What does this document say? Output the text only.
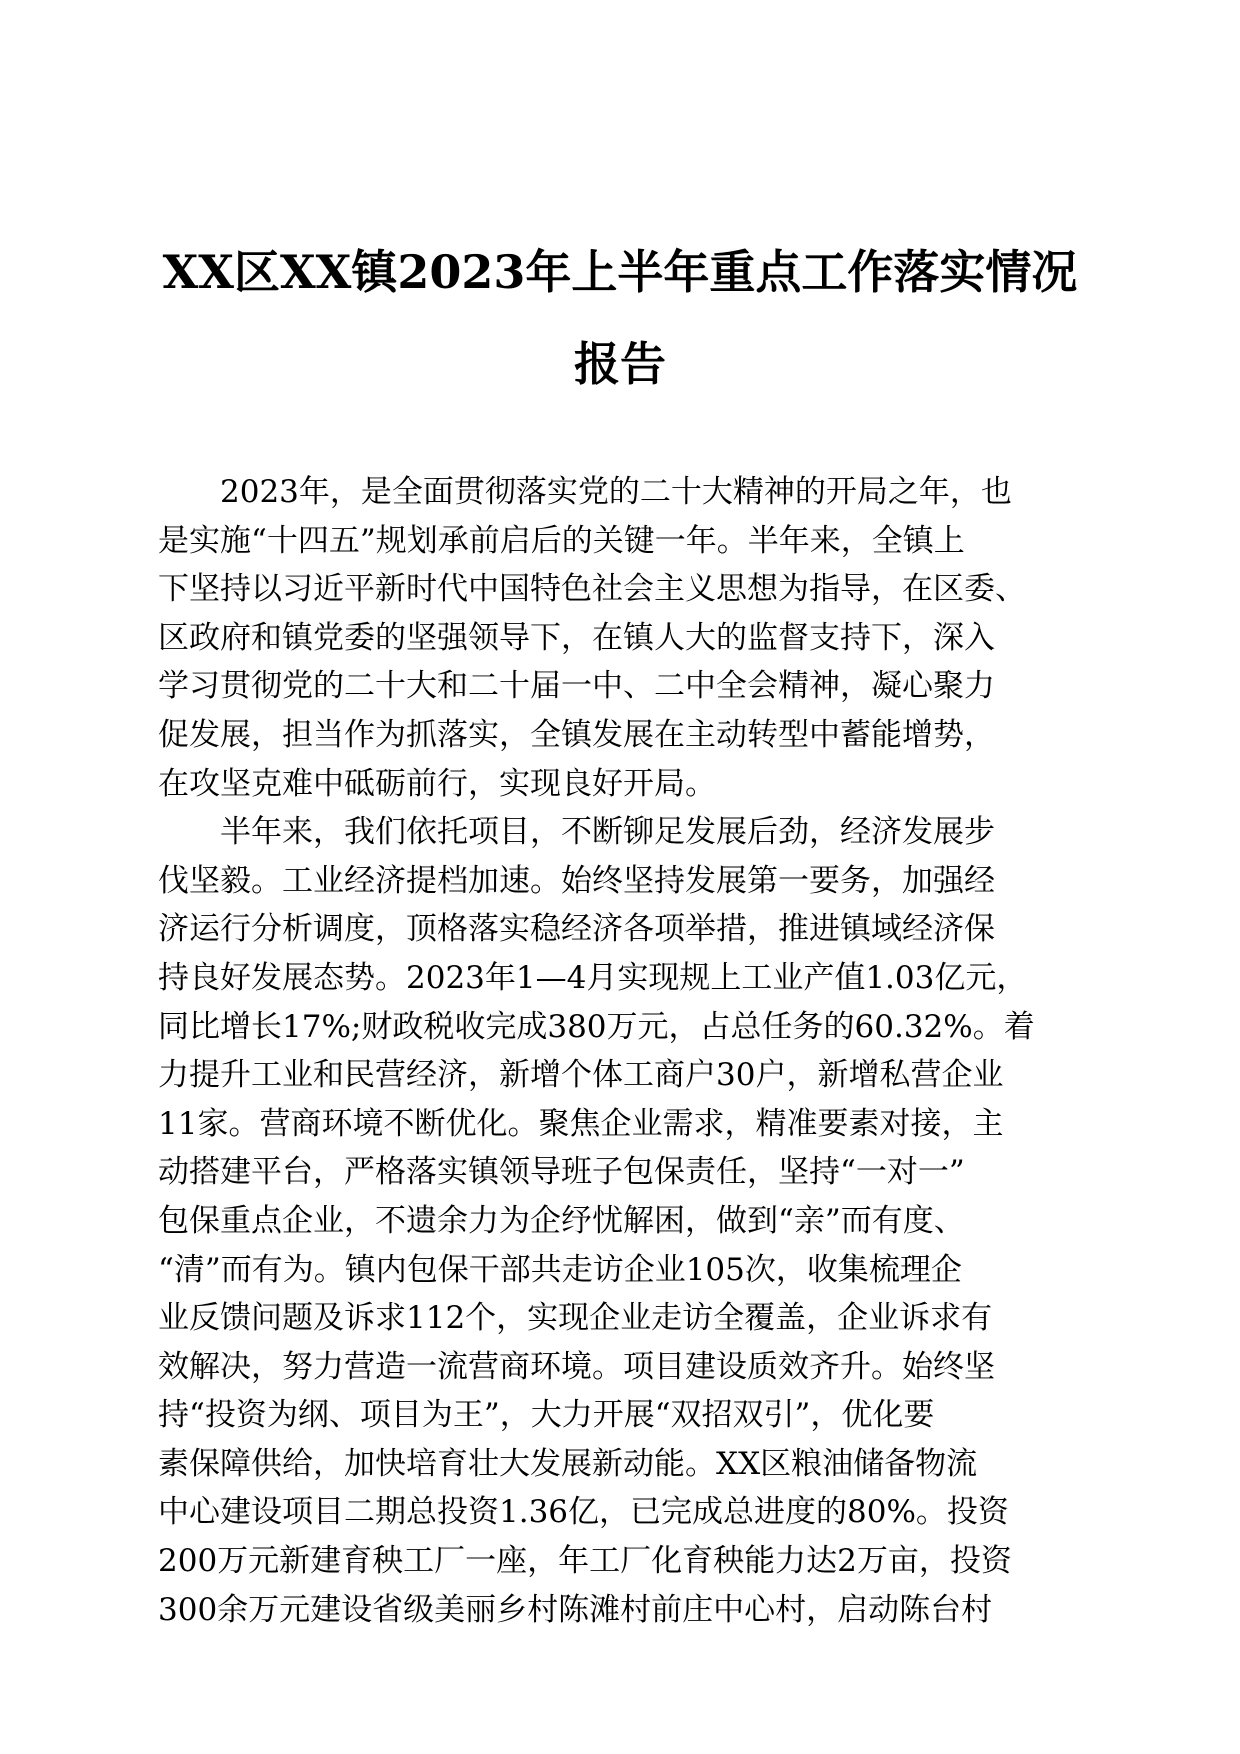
XX区XX镇2023年上半年重点工作落实情况
报告
2023年，是全面贯彻落实党的二十大精神的开局之年，也
是实施“十四五”规划承前启后的关键一年。半年来，全镇上
下坚持以习近平新时代中国特色社会主义思想为指导，在区委、
区政府和镇党委的坚强领导下，在镇人大的监督支持下，深入
学习贯彻党的二十大和二十届一中、二中全会精神，凝心聚力
促发展，担当作为抓落实，全镇发展在主动转型中蓄能增势，
在攻坚克难中砥砺前行，实现良好开局。
半年来，我们依托项目，不断铆足发展后劲，经济发展步
伐坚毅。工业经济提档加速。始终坚持发展第一要务，加强经
济运行分析调度，顶格落实稳经济各项举措，推进镇域经济保
持良好发展态势。2023年1—4月实现规上工业产值1.03亿元，
同比增长17%;财政税收完成380万元，占总任务的60.32%。着
力提升工业和民营经济，新增个体工商户30户，新增私营企业
11家。营商环境不断优化。聚焦企业需求，精准要素对接，主
动搭建平台，严格落实镇领导班子包保责任，坚持“一对一”
包保重点企业，不遗余力为企纾忧解困，做到“亲”而有度、
“清”而有为。镇内包保干部共走访企业105次，收集梳理企
业反馈问题及诉求112个，实现企业走访全覆盖，企业诉求有
效解决，努力营造一流营商环境。项目建设质效齐升。始终坚
持“投资为纲、项目为王”，大力开展“双招双引”，优化要
素保障供给，加快培育壮大发展新动能。XX区粮油储备物流
中心建设项目二期总投资1.36亿，已完成总进度的80%。投资
200万元新建育秧工厂一座，年工厂化育秧能力达2万亩，投资
300余万元建设省级美丽乡村陈滩村前庄中心村，启动陈台村
